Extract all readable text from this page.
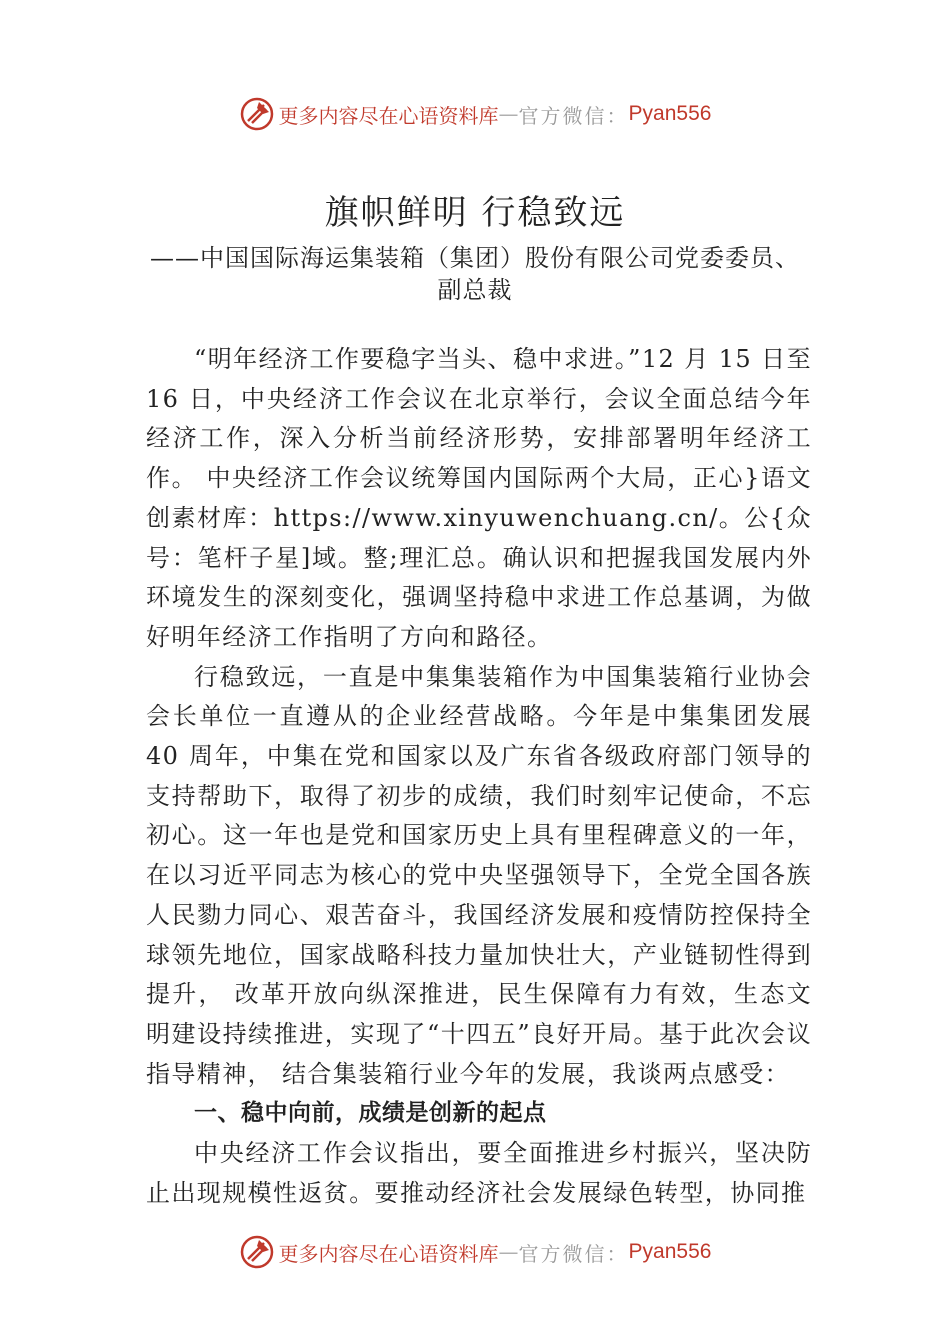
更多内容尽在心语资料库 — 官方微信： Pyan556
旗帜鲜明 行稳致远
——中国国际海运集装箱（集团）股份有限公司党委委员、副总裁

“明年经济工作要稳字当头、稳中求进。”12 月 15 日至16 日，中央经济工作会议在北京举行，会议全面总结今年经济工作，深入分析当前经济形势，安排部署明年经济工作。 中央经济工作会议统筹国内国际两个大局，正心}语文创素材库：https://www.xinyuwenchuang.cn/。公{众号：笔杆子星]域。整;理汇总。确认识和把握我国发展内外环境发生的深刻变化，强调坚持稳中求进工作总基调，为做好明年经济工作指明了方向和路径。

行稳致远，一直是中集集装箱作为中国集装箱行业协会会长单位一直遵从的企业经营战略。今年是中集集团发展 40 周年，中集在党和国家以及广东省各级政府部门领导的支持帮助下，取得了初步的成绩，我们时刻牢记使命，不忘初心。这一年也是党和国家历史上具有里程碑意义的一年，在以习近平同志为核心的党中央坚强领导下，全党全国各族人民勠力同心、艰苦奋斗，我国经济发展和疫情防控保持全球领先地位，国家战略科技力量加快壮大，产业链韧性得到提升， 改革开放向纵深推进，民生保障有力有效，生态文明建设持续推进，实现了“十四五”良好开局。基于此次会议指导精神， 结合集装箱行业今年的发展，我谈两点感受：

一、稳中向前，成绩是创新的起点

中央经济工作会议指出，要全面推进乡村振兴，坚决防止出现规模性返贫。要推动经济社会发展绿色转型，协同推

更多内容尽在心语资料库 — 官方微信： Pyan556
